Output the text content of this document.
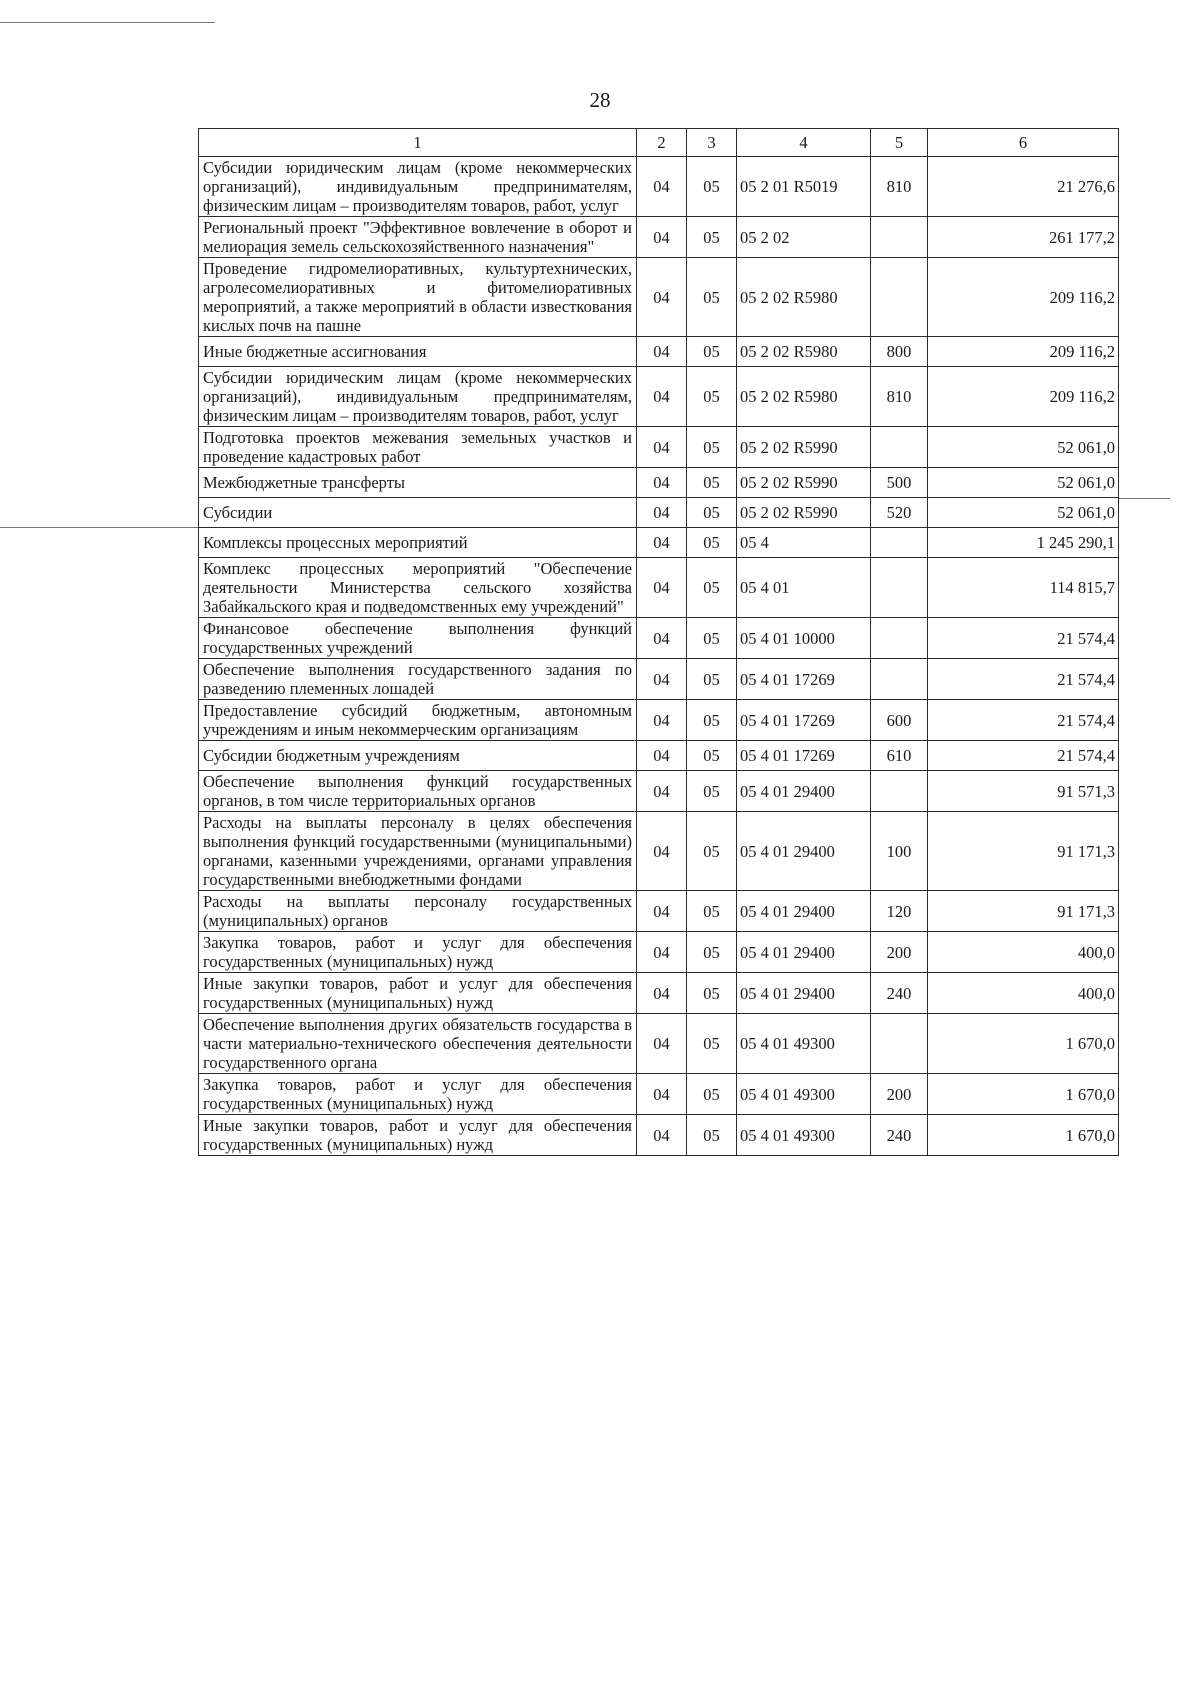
28
1	2	3	4	5	6
Субсидии юридическим лицам (кроме некоммерческих организаций), индивидуальным предпринимателям, физическим лицам – производителям товаров, работ, услуг	04	05	05 2 01 R5019	810	21 276,6
Региональный проект "Эффективное вовлечение в оборот и мелиорация земель сельскохозяйственного назначения"	04	05	05 2 02		261 177,2
Проведение гидромелиоративных, культуртехнических, агролесомелиоративных и фитомелиоративных мероприятий, а также мероприятий в области известкования кислых почв на пашне	04	05	05 2 02 R5980		209 116,2
Иные бюджетные ассигнования	04	05	05 2 02 R5980	800	209 116,2
Субсидии юридическим лицам (кроме некоммерческих организаций), индивидуальным предпринимателям, физическим лицам – производителям товаров, работ, услуг	04	05	05 2 02 R5980	810	209 116,2
Подготовка проектов межевания земельных участков и проведение кадастровых работ	04	05	05 2 02 R5990		52 061,0
Межбюджетные трансферты	04	05	05 2 02 R5990	500	52 061,0
Субсидии	04	05	05 2 02 R5990	520	52 061,0
Комплексы процессных мероприятий	04	05	05 4		1 245 290,1
Комплекс процессных мероприятий "Обеспечение деятельности Министерства сельского хозяйства Забайкальского края и подведомственных ему учреждений"	04	05	05 4 01		114 815,7
Финансовое обеспечение выполнения функций государственных учреждений	04	05	05 4 01 10000		21 574,4
Обеспечение выполнения государственного задания по разведению племенных лошадей	04	05	05 4 01 17269		21 574,4
Предоставление субсидий бюджетным, автономным учреждениям и иным некоммерческим организациям	04	05	05 4 01 17269	600	21 574,4
Субсидии бюджетным учреждениям	04	05	05 4 01 17269	610	21 574,4
Обеспечение выполнения функций государственных органов, в том числе территориальных органов	04	05	05 4 01 29400		91 571,3
Расходы на выплаты персоналу в целях обеспечения выполнения функций государственными (муниципальными) органами, казенными учреждениями, органами управления государственными внебюджетными фондами	04	05	05 4 01 29400	100	91 171,3
Расходы на выплаты персоналу государственных (муниципальных) органов	04	05	05 4 01 29400	120	91 171,3
Закупка товаров, работ и услуг для обеспечения государственных (муниципальных) нужд	04	05	05 4 01 29400	200	400,0
Иные закупки товаров, работ и услуг для обеспечения государственных (муниципальных) нужд	04	05	05 4 01 29400	240	400,0
Обеспечение выполнения других обязательств государства в части материально-технического обеспечения деятельности государственного органа	04	05	05 4 01 49300		1 670,0
Закупка товаров, работ и услуг для обеспечения государственных (муниципальных) нужд	04	05	05 4 01 49300	200	1 670,0
Иные закупки товаров, работ и услуг для обеспечения государственных (муниципальных) нужд	04	05	05 4 01 49300	240	1 670,0
